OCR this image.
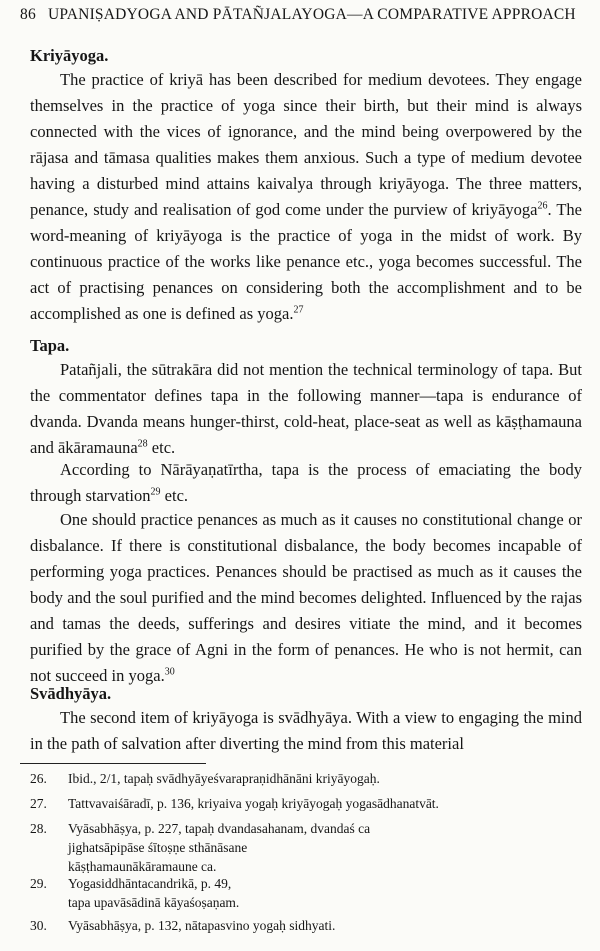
86 UPANIṢADYOGA AND PĀTAÑJALAYOGA—A COMPARATIVE APPROACH
Kriyāyoga.

The practice of kriyā has been described for medium devotees. They engage themselves in the practice of yoga since their birth, but their mind is always connected with the vices of ignorance, and the mind being overpowered by the rājasa and tāmasa qualities makes them anxious. Such a type of medium devotee having a disturbed mind attains kaivalya through kriyāyoga. The three matters, penance, study and realisation of god come under the purview of kriyāyoga$^{26}$. The word-meaning of kriyāyoga is the practice of yoga in the midst of work. By continuous practice of the works like penance etc., yoga becomes successful. The act of practising penances on considering both the accomplishment and to be accomplished as one is defined as yoga.$^{27}$

Tapa.

Patañjali, the sūtrakāra did not mention the technical terminology of tapa. But the commentator defines tapa in the following manner—tapa is endurance of dvanda. Dvanda means hunger-thirst, cold-heat, place-seat as well as kāṣṭhamauna and ākāramauna$^{28}$ etc.

According to Nārāyaṇatīrtha, tapa is the process of emaciating the body through starvation$^{29}$ etc.

One should practice penances as much as it causes no constitutional change or disbalance. If there is constitutional disbalance, the body becomes incapable of performing yoga practices. Penances should be practised as much as it causes the body and the soul purified and the mind becomes delighted. Influenced by the rajas and tamas the deeds, sufferings and desires vitiate the mind, and it becomes purified by the grace of Agni in the form of penances. He who is not hermit, can not succeed in yoga.$^{30}$

Svādhyāya.

The second item of kriyāyoga is svādhyāya. With a view to engaging the mind in the path of salvation after diverting the mind from this material

26.	Ibid., 2/1, tapaḥ svādhyāyeśvarapraṇidhānāni kriyāyogaḥ.
27.	Tattvavaiśāradī, p. 136, kriyaiva yogaḥ kriyāyogaḥ yogasādhanatvāt.
28.	Vyāsabhāṣya, p. 227, tapaḥ dvandasahanam, dvandaś ca
jighatsāpipāse śītoṣṇe sthānāsane
kāṣṭhamaunākāramaune ca.
29.	Yogasiddhāntacandrikā, p. 49,
tapa upavāsādinā kāyaśoṣaṇam.
30.	Vyāsabhāṣya, p. 132, nātapasvino yogaḥ sidhyati.
